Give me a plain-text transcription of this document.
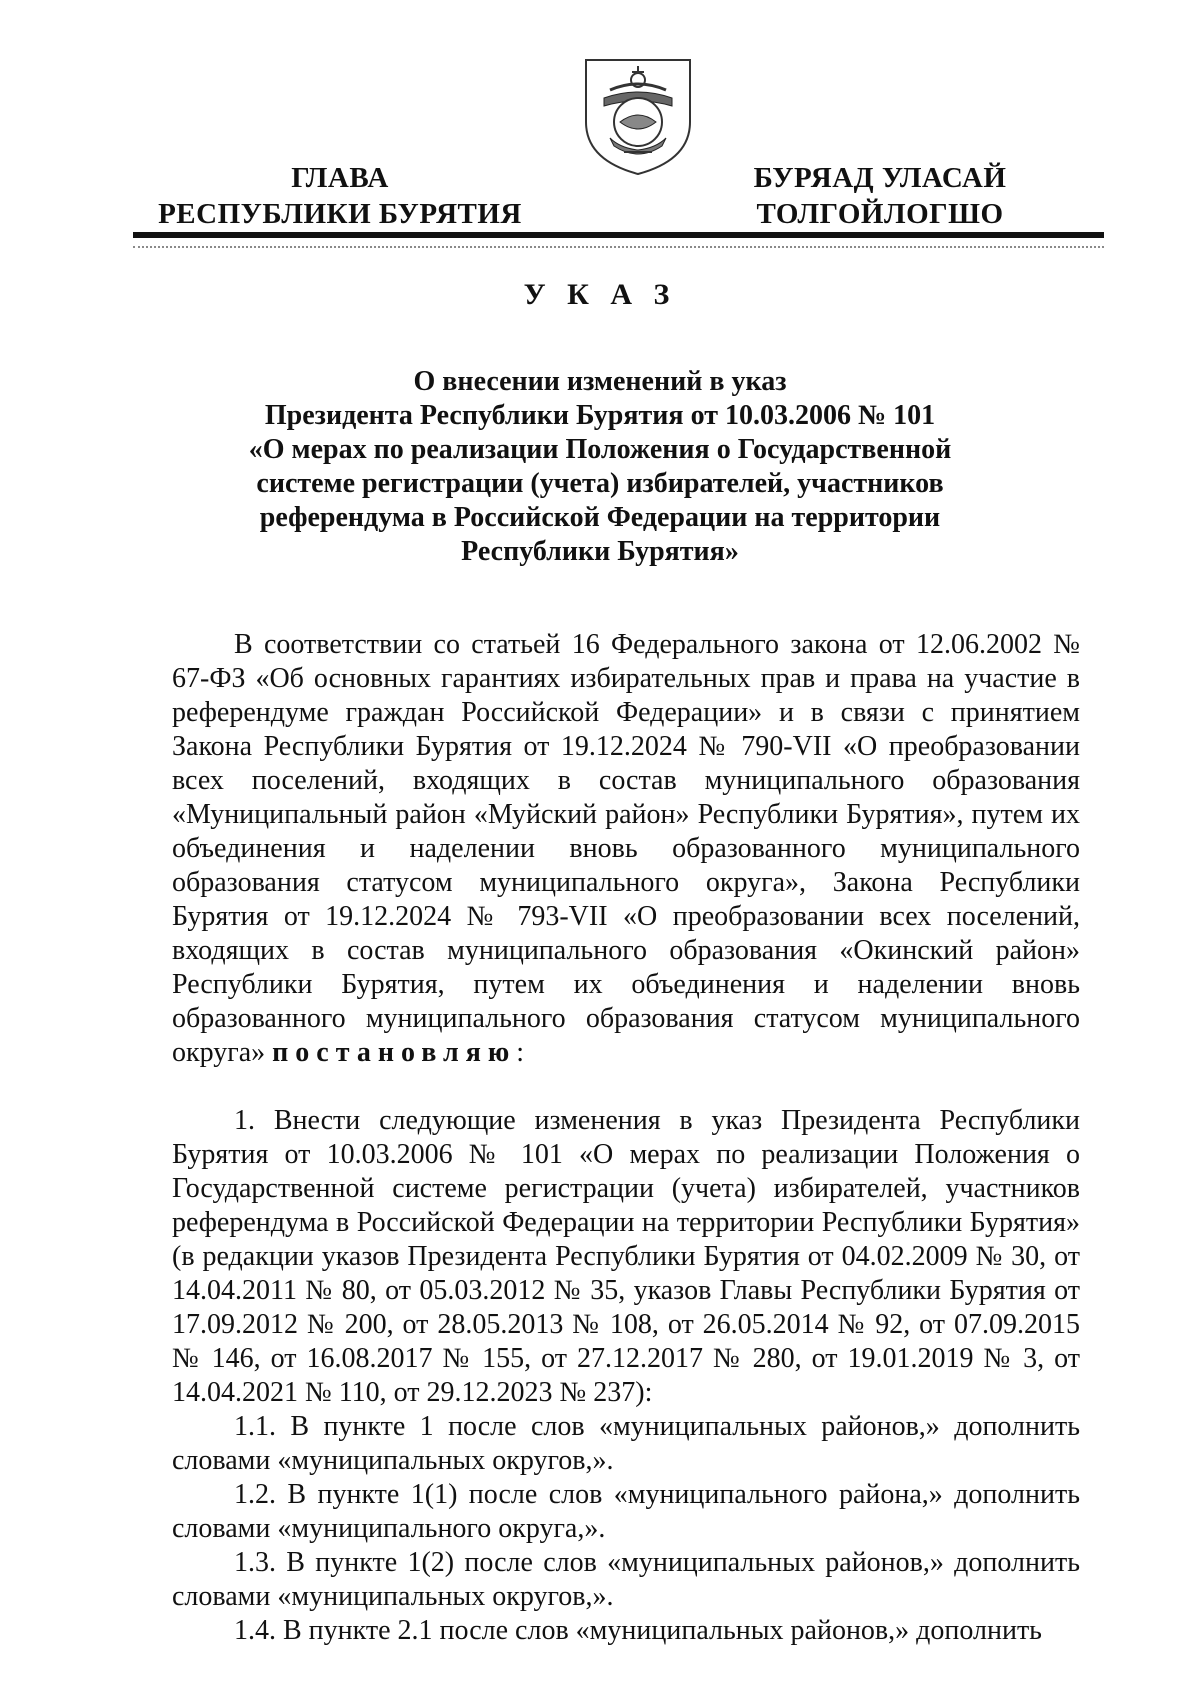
ГЛАВА
РЕСПУБЛИКИ БУРЯТИЯ
БУРЯАД УЛАСАЙ
ТОЛГОЙЛОГШО
У К А З
О внесении изменений в указ
Президента Республики Бурятия от 10.03.2006 № 101
«О мерах по реализации Положения о Государственной
системе регистрации (учета) избирателей, участников
референдума в Российской Федерации на территории
Республики Бурятия»

В соответствии со статьей 16 Федерального закона от 12.06.2002 № 67-ФЗ «Об основных гарантиях избирательных прав и права на участие в референдуме граждан Российской Федерации» и в связи с принятием Закона Республики Бурятия от 19.12.2024 № 790-VII «О преобразовании всех поселений, входящих в состав муниципального образования «Муниципальный район «Муйский район» Республики Бурятия», путем их объединения и наделении вновь образованного муниципального образования статусом муниципального округа», Закона Республики Бурятия от 19.12.2024 № 793-VII «О преобразовании всех поселений, входящих в состав муниципального образования «Окинский район» Республики Бурятия, путем их объединения и наделении вновь образованного муниципального образования статусом муниципального округа» постановляю:

1. Внести следующие изменения в указ Президента Республики Бурятия от 10.03.2006 № 101 «О мерах по реализации Положения о Государственной системе регистрации (учета) избирателей, участников референдума в Российской Федерации на территории Республики Бурятия» (в редакции указов Президента Республики Бурятия от 04.02.2009 № 30, от 14.04.2011 № 80, от 05.03.2012 № 35, указов Главы Республики Бурятия от 17.09.2012 № 200, от 28.05.2013 № 108, от 26.05.2014 № 92, от 07.09.2015 № 146, от 16.08.2017 № 155, от 27.12.2017 № 280, от 19.01.2019 № 3, от 14.04.2021 № 110, от 29.12.2023 № 237):

1.1. В пункте 1 после слов «муниципальных районов,» дополнить словами «муниципальных округов,».

1.2. В пункте 1(1) после слов «муниципального района,» дополнить словами «муниципального округа,».

1.3. В пункте 1(2) после слов «муниципальных районов,» дополнить словами «муниципальных округов,».

1.4. В пункте 2.1 после слов «муниципальных районов,» дополнить
